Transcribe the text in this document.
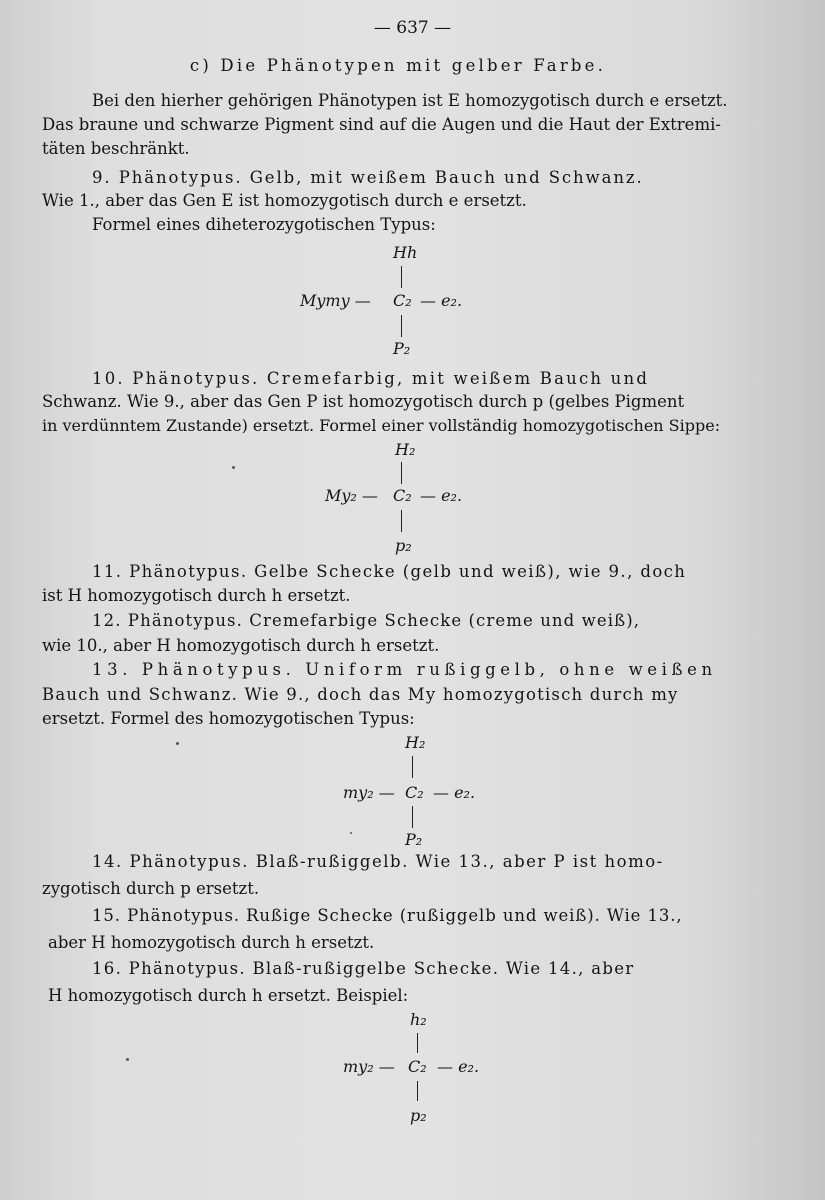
— 637 —
c) Die Phänotypen mit gelber Farbe.
Bei den hierher gehörigen Phänotypen ist E homozygotisch durch e ersetzt.
Das braune und schwarze Pigment sind auf die Augen und die Haut der Extremi-
täten beschränkt.
9. Phänotypus. Gelb, mit weißem Bauch und Schwanz.
Wie 1., aber das Gen E ist homozygotisch durch e ersetzt.
Formel eines diheterozygotischen Typus:
Hh
Mymy — C₂ — e₂.
P₂
10. Phänotypus. Cremefarbig, mit weißem Bauch und
Schwanz. Wie 9., aber das Gen P ist homozygotisch durch p (gelbes Pigment
in verdünntem Zustande) ersetzt. Formel einer vollständig homozygotischen Sippe:
H₂
My₂ — C₂ — e₂.
p₂
11. Phänotypus. Gelbe Schecke (gelb und weiß), wie 9., doch
ist H homozygotisch durch h ersetzt.
12. Phänotypus. Cremefarbige Schecke (creme und weiß),
wie 10., aber H homozygotisch durch h ersetzt.
13. Phänotypus. Uniform rußiggelb, ohne weißen
Bauch und Schwanz. Wie 9., doch das My homozygotisch durch my
ersetzt. Formel des homozygotischen Typus:
H₂
my₂ — C₂ — e₂.
P₂
14. Phänotypus. Blaß-rußiggelb. Wie 13., aber P ist homo-
zygotisch durch p ersetzt.
15. Phänotypus. Rußige Schecke (rußiggelb und weiß). Wie 13.,
aber H homozygotisch durch h ersetzt.
16. Phänotypus. Blaß-rußiggelbe Schecke. Wie 14., aber
H homozygotisch durch h ersetzt. Beispiel:
h₂
my₂ — C₂ — e₂.
p₂
